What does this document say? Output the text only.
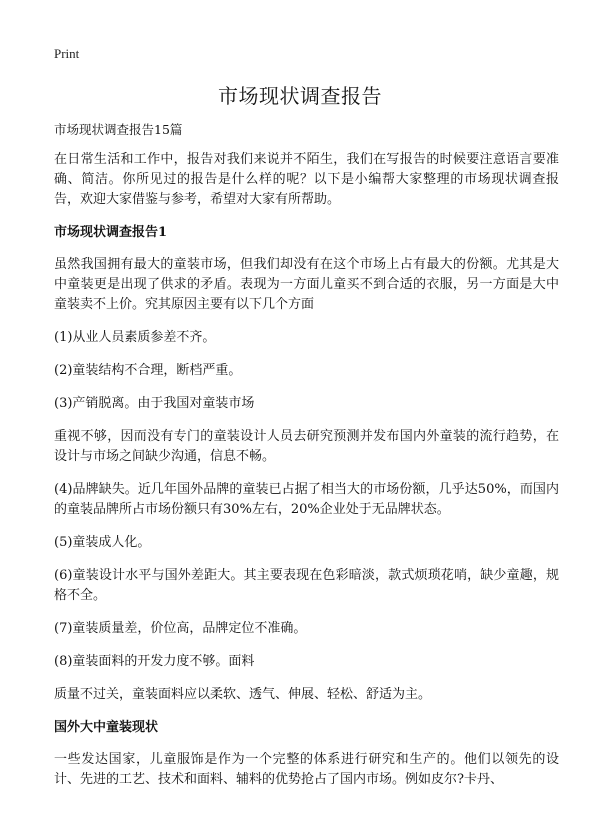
Print
市场现状调查报告

市场现状调查报告15篇

在日常生活和工作中，报告对我们来说并不陌生，我们在写报告的时候要注意语言要准确、简洁。你所见过的报告是什么样的呢？以下是小编帮大家整理的市场现状调查报告，欢迎大家借鉴与参考，希望对大家有所帮助。

市场现状调查报告1

虽然我国拥有最大的童装市场，但我们却没有在这个市场上占有最大的份额。尤其是大中童装更是出现了供求的矛盾。表现为一方面儿童买不到合适的衣服，另一方面是大中童装卖不上价。究其原因主要有以下几个方面

(1)从业人员素质参差不齐。

(2)童装结构不合理，断档严重。

(3)产销脱离。由于我国对童装市场

重视不够，因而没有专门的童装设计人员去研究预测并发布国内外童装的流行趋势，在设计与市场之间缺少沟通，信息不畅。

(4)品牌缺失。近几年国外品牌的童装已占据了相当大的市场份额，几乎达50%，而国内的童装品牌所占市场份额只有30%左右，20%企业处于无品牌状态。

(5)童装成人化。

(6)童装设计水平与国外差距大。其主要表现在色彩暗淡，款式烦琐花哨，缺少童趣，规格不全。

(7)童装质量差，价位高，品牌定位不准确。

(8)童装面料的开发力度不够。面料

质量不过关，童装面料应以柔软、透气、伸展、轻松、舒适为主。

国外大中童装现状

一些发达国家，儿童服饰是作为一个完整的体系进行研究和生产的。他们以领先的设计、先进的工艺、技术和面料、辅料的优势抢占了国内市场。例如皮尔?卡丹、
